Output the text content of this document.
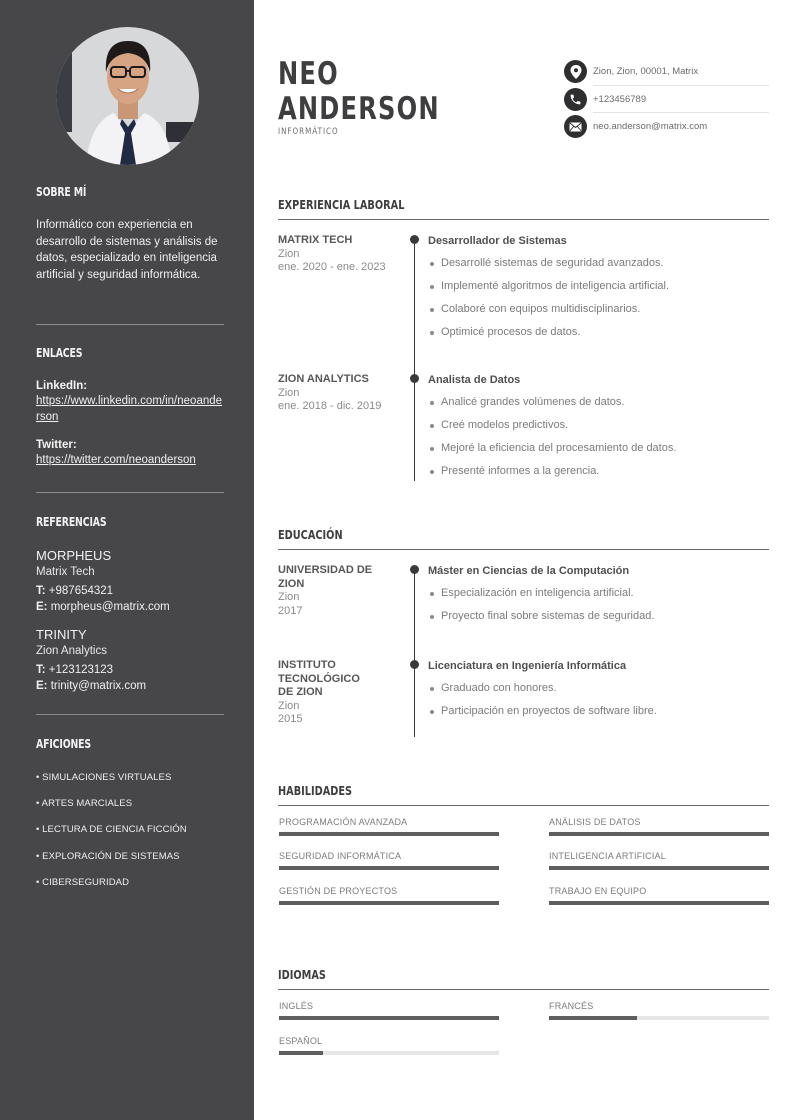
SOBRE MÍ

Informático con experiencia en desarrollo de sistemas y análisis de datos, especializado en inteligencia artificial y seguridad informática.

ENLACES
LinkedIn:
https://www.linkedin.com/in/neoanderson
Twitter:
https://twitter.com/neoanderson
REFERENCIAS
MORPHEUS
Matrix Tech
T: +987654321
E: morpheus@matrix.com
TRINITY
Zion Analytics
T: +123123123
E: trinity@matrix.com
AFICIONES
• SIMULACIONES VIRTUALES
• ARTES MARCIALES
• LECTURA DE CIENCIA FICCIÓN
• EXPLORACIÓN DE SISTEMAS
• CIBERSEGURIDAD
NEO
ANDERSON
INFORMÁTICO
Zion, Zion, 00001, Matrix
+123456789
neo.anderson@matrix.com
EXPERIENCIA LABORAL
MATRIX TECH
Zion
ene. 2020 - ene. 2023
Desarrollador de Sistemas
Desarrollé sistemas de seguridad avanzados.
Implementé algoritmos de inteligencia artificial.
Colaboré con equipos multidisciplinarios.
Optimicé procesos de datos.
ZION ANALYTICS
Zion
ene. 2018 - dic. 2019
Analista de Datos
Analicé grandes volúmenes de datos.
Creé modelos predictivos.
Mejoré la eficiencia del procesamiento de datos.
Presenté informes a la gerencia.
EDUCACIÓN
UNIVERSIDAD DE ZION
Zion
2017
Máster en Ciencias de la Computación
Especialización en inteligencia artificial.
Proyecto final sobre sistemas de seguridad.
INSTITUTO TECNOLÓGICO DE ZION
Zion
2015
Licenciatura en Ingeniería Informática
Graduado con honores.
Participación en proyectos de software libre.
HABILIDADES
PROGRAMACIÓN AVANZADA	ANÁLISIS DE DATOS
SEGURIDAD INFORMÁTICA	INTELIGENCIA ARTIFICIAL
GESTIÓN DE PROYECTOS	TRABAJO EN EQUIPO
IDIOMAS
INGLÉS	FRANCÉS
ESPAÑOL
